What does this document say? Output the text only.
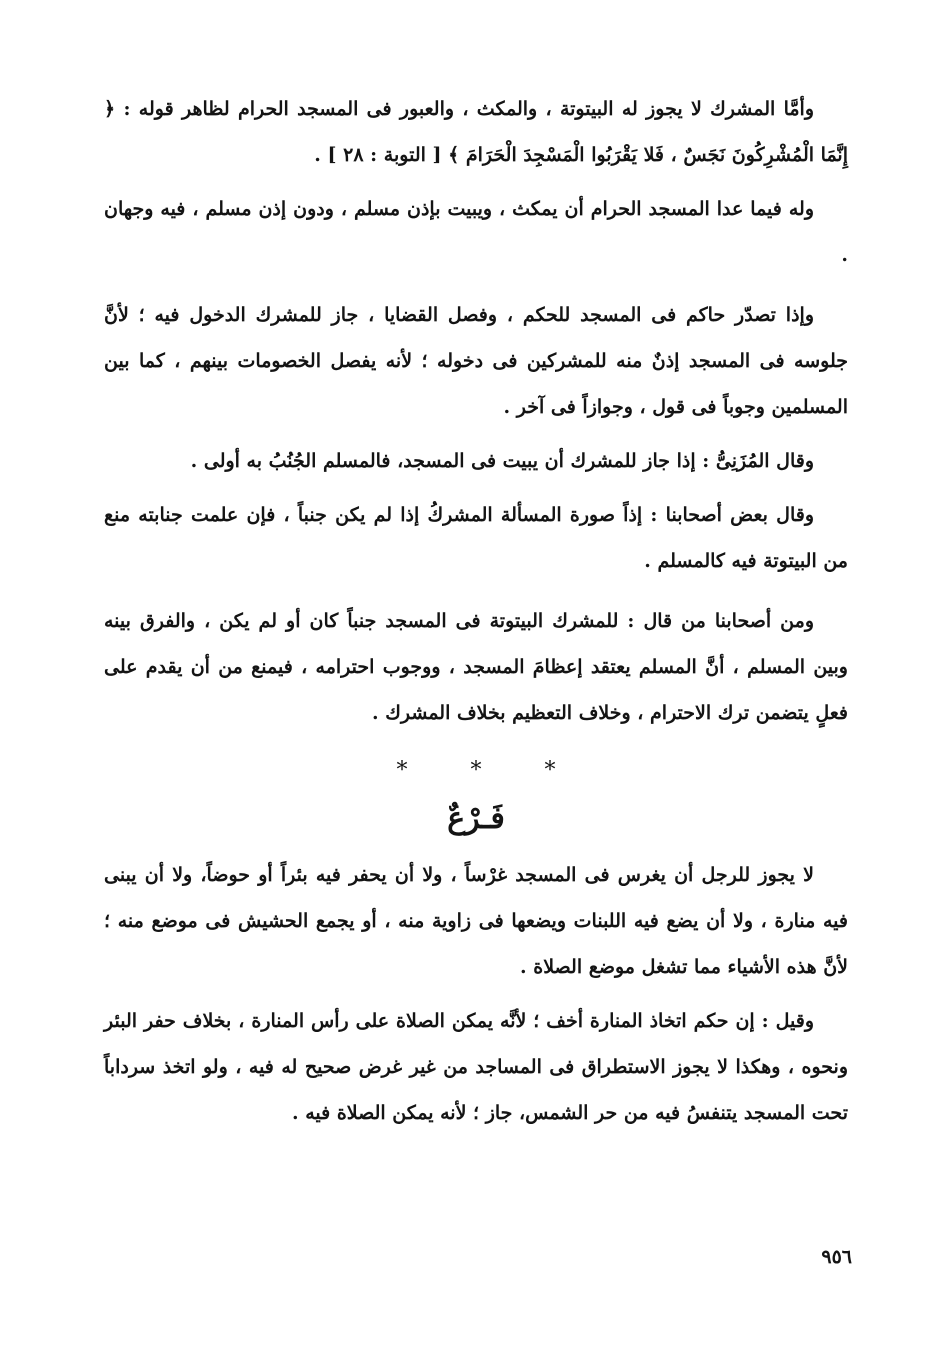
وأمَّا المشرك لا يجوز له البيتوتة ، والمكث ، والعبور فى المسجد الحرام لظاهر قوله : ﴿ إِنَّمَا الْمُشْرِكُونَ نَجَسٌ ، فَلا يَقْرَبُوا الْمَسْجِدَ الْحَرَامَ ﴾ [ التوبة : ٢٨ ] .

وله فيما عدا المسجد الحرام أن يمكث ، ويبيت بإذن مسلم ، ودون إذن مسلم ، فيه وجهان .

وإذا تصدّر حاكم فى المسجد للحكم ، وفصل القضايا ، جاز للمشرك الدخول فيه ؛ لأنَّ جلوسه فى المسجد إذنٌ منه للمشركين فى دخوله ؛ لأنه يفصل الخصومات بينهم ، كما بين المسلمين وجوباً فى قول ، وجوازاً فى آخر .

وقال المُزَنِىُّ : إذا جاز للمشرك أن يبيت فى المسجد، فالمسلم الجُنُبُ به أولى .

وقال بعض أصحابنا : إذاً صورة المسألة المشركُ إذا لم يكن جنباً ، فإن علمت جنابته منع من البيتوتة فيه كالمسلم .

ومن أصحابنا من قال : للمشرك البيتوتة فى المسجد جنباً كان أو لم يكن ، والفرق بينه وبين المسلم ، أنَّ المسلم يعتقد إعظامَ المسجد ، ووجوب احترامه ، فيمنع من أن يقدم على فعلٍ يتضمن ترك الاحترام ، وخلاف التعظيم بخلاف المشرك .

*	*	*
فَـرْعٌ

لا يجوز للرجل أن يغرس فى المسجد غرْساً ، ولا أن يحفر فيه بئراً أو حوضاً، ولا أن يبنى فيه منارة ، ولا أن يضع فيه اللبنات ويضعها فى زاوية منه ، أو يجمع الحشيش فى موضع منه ؛ لأنَّ هذه الأشياء مما تشغل موضع الصلاة .

وقيل : إن حكم اتخاذ المنارة أخف ؛ لأنَّه يمكن الصلاة على رأس المنارة ، بخلاف حفر البئر ونحوه ، وهكذا لا يجوز الاستطراق فى المساجد من غير غرض صحيح له فيه ، ولو اتخذ سرداباً تحت المسجد يتنفسُ فيه من حر الشمس، جاز ؛ لأنه يمكن الصلاة فيه .

٩٥٦
